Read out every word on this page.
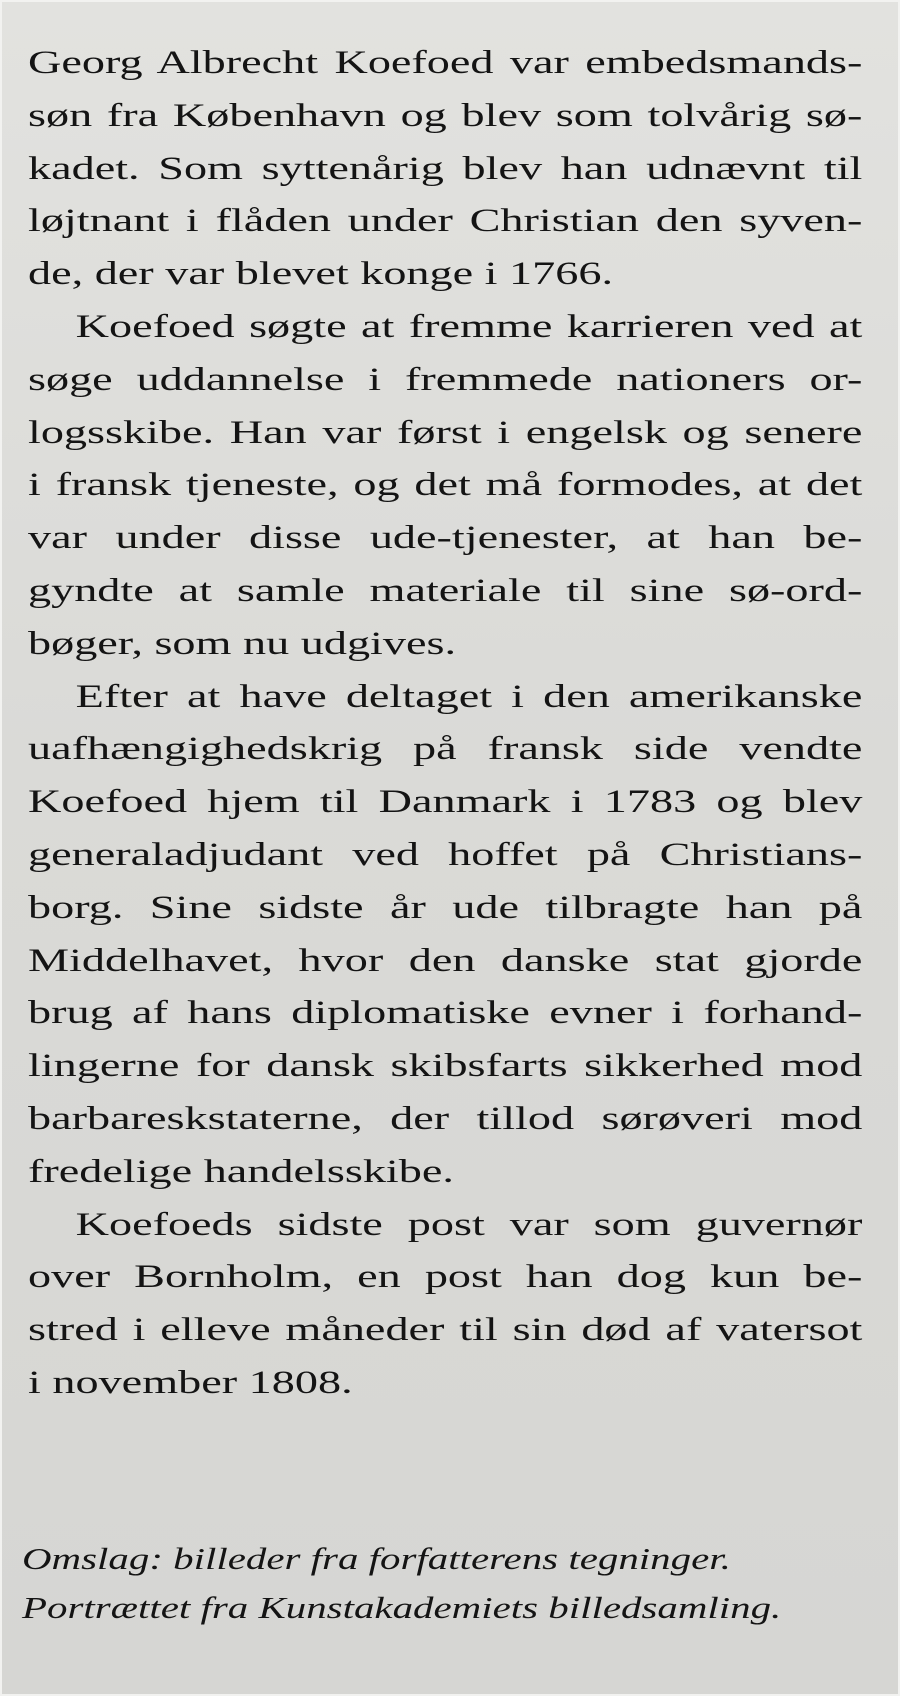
Georg Albrecht Koefoed var embedsmands-
søn fra København og blev som tolvårig sø-
kadet. Som syttenårig blev han udnævnt til
løjtnant i flåden under Christian den syven-
de, der var blevet konge i 1766.
Koefoed søgte at fremme karrieren ved at
søge uddannelse i fremmede nationers or-
logsskibe. Han var først i engelsk og senere
i fransk tjeneste, og det må formodes, at det
var under disse ude-tjenester, at han be-
gyndte at samle materiale til sine sø-ord-
bøger, som nu udgives.
Efter at have deltaget i den amerikanske
uafhængighedskrig på fransk side vendte
Koefoed hjem til Danmark i 1783 og blev
generaladjudant ved hoffet på Christians-
borg. Sine sidste år ude tilbragte han på
Middelhavet, hvor den danske stat gjorde
brug af hans diplomatiske evner i forhand-
lingerne for dansk skibsfarts sikkerhed mod
barbareskstaterne, der tillod sørøveri mod
fredelige handelsskibe.
Koefoeds sidste post var som guvernør
over Bornholm, en post han dog kun be-
stred i elleve måneder til sin død af vatersot
i november 1808.
Omslag: billeder fra forfatterens tegninger.
Portrættet fra Kunstakademiets billedsamling.
